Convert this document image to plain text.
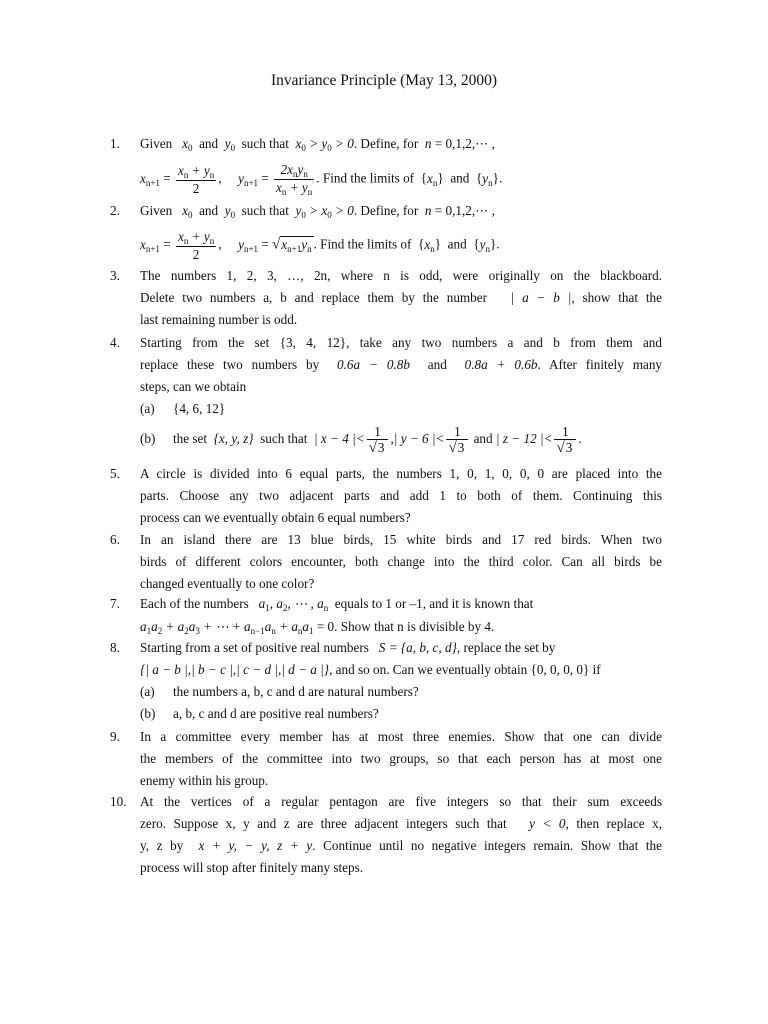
Invariance Principle (May 13, 2000)
1.	Given $x_0$ and $y_0$ such that $x_0 > y_0 > 0$. Define, for n = 0,1,2,⋯ ,
$x_{n+1} = \frac{x_n + y_n}{2}$ ,  $y_{n+1} = \frac{2x_ny_n}{x_n + y_n}$ . Find the limits of  $\{x_n\}$  and  $\{y_n\}$.
2.	Given $x_0$ and $y_0$ such that $y_0 > x_0 > 0$. Define, for n = 0,1,2,⋯ ,
$x_{n+1} = \frac{x_n + y_n}{2}$ ,  $y_{n+1} = √x_{n+1}y_n$ . Find the limits of  $\{x_n\}$  and  $\{y_n\}$.
3.	The numbers 1, 2, 3, …, 2n, where n is odd, were originally on the blackboard.
Delete two numbers a, b and replace them by the number | a − b |, show that the
last remaining number is odd.
4.	Starting from the set {3, 4, 12}, take any two numbers a and b from them and
replace these two numbers by 0.6a − 0.8b and 0.8a + 0.6b. After finitely many
steps, can we obtain
(a) {4, 6, 12}
(b) the set {x, y, z} such that | x − 4 |< $\frac{1}{√3}$ ,| y − 6 |< $\frac{1}{√3}$ and | z − 12 |< $\frac{1}{√3}$ .
5.	A circle is divided into 6 equal parts, the numbers 1, 0, 1, 0, 0, 0 are placed into the
parts. Choose any two adjacent parts and add 1 to both of them. Continuing this
process can we eventually obtain 6 equal numbers?
6.	In an island there are 13 blue birds, 15 white birds and 17 red birds. When two
birds of different colors encounter, both change into the third color. Can all birds be
changed eventually to one color?
7.	Each of the numbers $a_1$, $a_2$, ⋯ , $a_n$ equals to 1 or –1, and it is known that
$a_1a_2 + a_2a_3$ + ⋯ + $a_{n-1}a_n + a_na_1 = 0$. Show that n is divisible by 4.
8.	Starting from a set of positive real numbers S = {a, b, c, d}, replace the set by
{| a − b |,| b − c |,| c − d |,| d − a |}, and so on. Can we eventually obtain {0, 0, 0, 0} if
(a) the numbers a, b, c and d are natural numbers?
(b) a, b, c and d are positive real numbers?
9.	In a committee every member has at most three enemies. Show that one can divide
the members of the committee into two groups, so that each person has at most one
enemy within his group.
10.	At the vertices of a regular pentagon are five integers so that their sum exceeds
zero. Suppose x, y and z are three adjacent integers such that y < 0, then replace x,
y, z by x + y, − y, z + y. Continue until no negative integers remain. Show that the
process will stop after finitely many steps.
